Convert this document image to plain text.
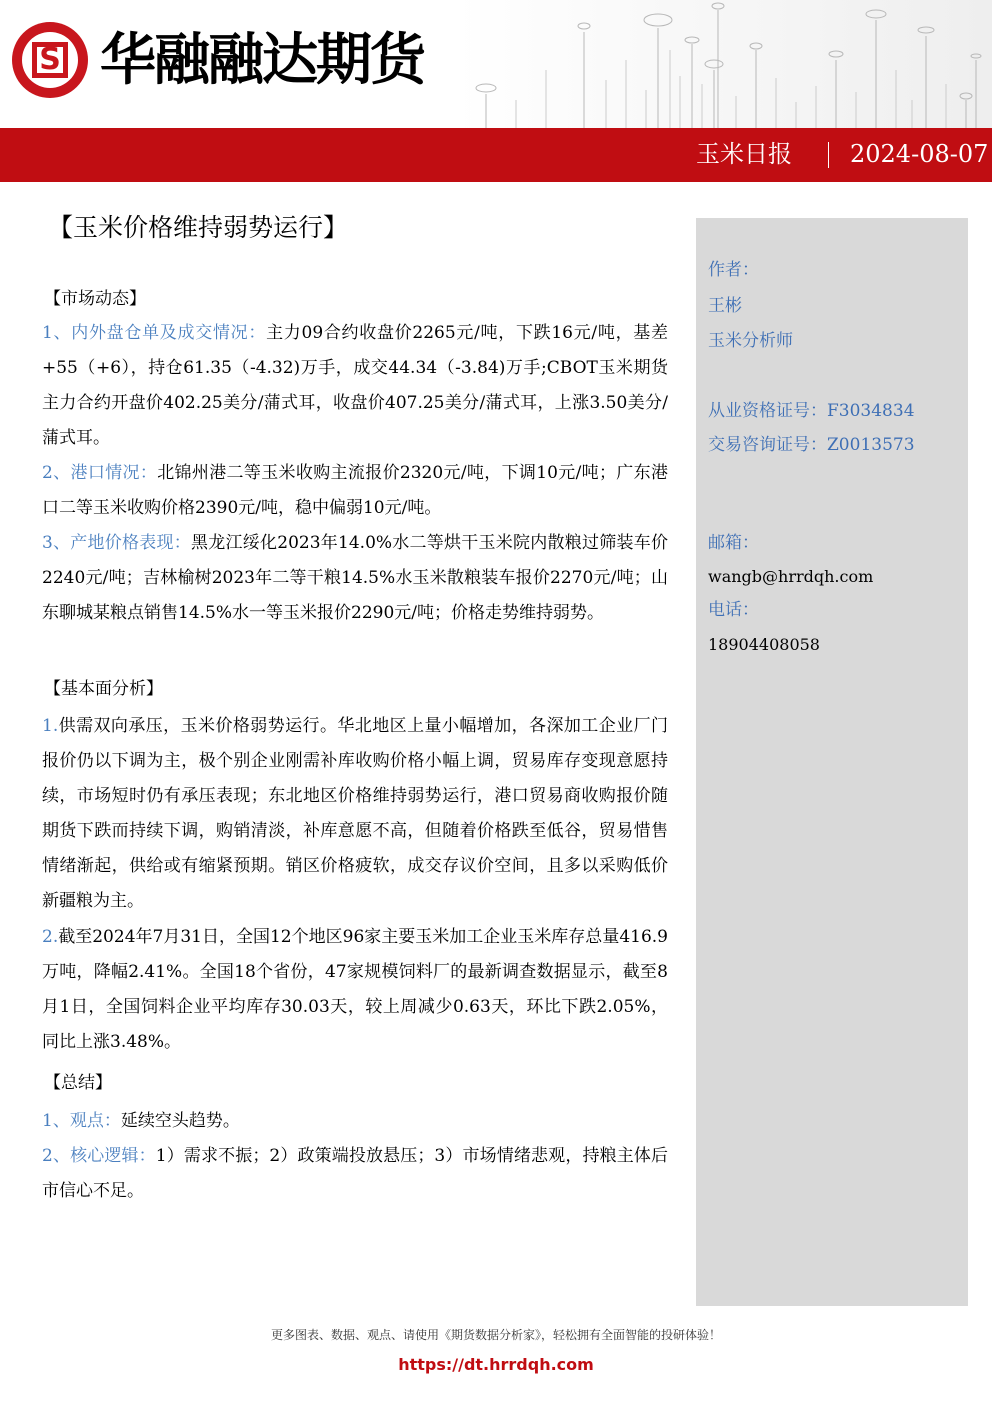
S 华融融达期货
玉米日报 2024-08-07
【玉米价格维持弱势运行】
【市场动态】
1、内外盘仓单及成交情况：主力09合约收盘价2265元/吨，下跌16元/吨，基差+55（+6），持仓61.35（-4.32)万手，成交44.34（-3.84)万手;CBOT玉米期货主力合约开盘价402.25美分/蒲式耳，收盘价407.25美分/蒲式耳，上涨3.50美分/蒲式耳。
2、港口情况：北锦州港二等玉米收购主流报价2320元/吨，下调10元/吨；广东港口二等玉米收购价格2390元/吨，稳中偏弱10元/吨。
3、产地价格表现：黑龙江绥化2023年14.0%水二等烘干玉米院内散粮过筛装车价2240元/吨；吉林榆树2023年二等干粮14.5%水玉米散粮装车报价2270元/吨；山东聊城某粮点销售14.5%水一等玉米报价2290元/吨；价格走势维持弱势。
【基本面分析】
1.供需双向承压，玉米价格弱势运行。华北地区上量小幅增加，各深加工企业厂门报价仍以下调为主，极个别企业刚需补库收购价格小幅上调，贸易库存变现意愿持续，市场短时仍有承压表现；东北地区价格维持弱势运行，港口贸易商收购报价随期货下跌而持续下调，购销清淡，补库意愿不高，但随着价格跌至低谷，贸易惜售情绪渐起，供给或有缩紧预期。销区价格疲软，成交存议价空间，且多以采购低价新疆粮为主。
2.截至2024年7月31日，全国12个地区96家主要玉米加工企业玉米库存总量416.9万吨，降幅2.41%。全国18个省份，47家规模饲料厂的最新调查数据显示，截至8月1日，全国饲料企业平均库存30.03天，较上周减少0.63天，环比下跌2.05%，同比上涨3.48%。
【总结】
1、观点：延续空头趋势。
2、核心逻辑：1）需求不振；2）政策端投放悬压；3）市场情绪悲观，持粮主体后市信心不足。
作者：
王彬
玉米分析师
从业资格证号：F3034834
交易咨询证号：Z0013573
邮箱：
wangb@hrrdqh.com
电话：
18904408058
更多图表、数据、观点、请使用《期货数据分析家》，轻松拥有全面智能的投研体验！
https://dt.hrrdqh.com
